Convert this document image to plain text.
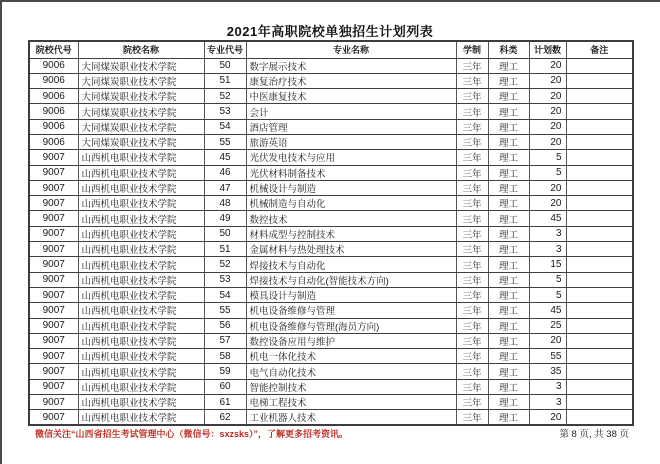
2021年高职院校单独招生计划列表
院校代号	院校名称	专业代号	专业名称	学制	科类	计划数	备注
9006	大同煤炭职业技术学院	50	数字展示技术	三年	理工	20	
9006	大同煤炭职业技术学院	51	康复治疗技术	三年	理工	20	
9006	大同煤炭职业技术学院	52	中医康复技术	三年	理工	20	
9006	大同煤炭职业技术学院	53	会计	三年	理工	20	
9006	大同煤炭职业技术学院	54	酒店管理	三年	理工	20	
9006	大同煤炭职业技术学院	55	旅游英语	三年	理工	20	
9007	山西机电职业技术学院	45	光伏发电技术与应用	三年	理工	5	
9007	山西机电职业技术学院	46	光伏材料制备技术	三年	理工	5	
9007	山西机电职业技术学院	47	机械设计与制造	三年	理工	20	
9007	山西机电职业技术学院	48	机械制造与自动化	三年	理工	20	
9007	山西机电职业技术学院	49	数控技术	三年	理工	45	
9007	山西机电职业技术学院	50	材料成型与控制技术	三年	理工	3	
9007	山西机电职业技术学院	51	金属材料与热处理技术	三年	理工	3	
9007	山西机电职业技术学院	52	焊接技术与自动化	三年	理工	15	
9007	山西机电职业技术学院	53	焊接技术与自动化(智能技术方向)	三年	理工	5	
9007	山西机电职业技术学院	54	模具设计与制造	三年	理工	5	
9007	山西机电职业技术学院	55	机电设备维修与管理	三年	理工	45	
9007	山西机电职业技术学院	56	机电设备维修与管理(海员方向)	三年	理工	25	
9007	山西机电职业技术学院	57	数控设备应用与维护	三年	理工	20	
9007	山西机电职业技术学院	58	机电一体化技术	三年	理工	55	
9007	山西机电职业技术学院	59	电气自动化技术	三年	理工	35	
9007	山西机电职业技术学院	60	智能控制技术	三年	理工	3	
9007	山西机电职业技术学院	61	电梯工程技术	三年	理工	3	
9007	山西机电职业技术学院	62	工业机器人技术	三年	理工	20	
微信关注“山西省招生考试管理中心（微信号：sxzsks）”，了解更多招考资讯。	第 8 页, 共 38 页
